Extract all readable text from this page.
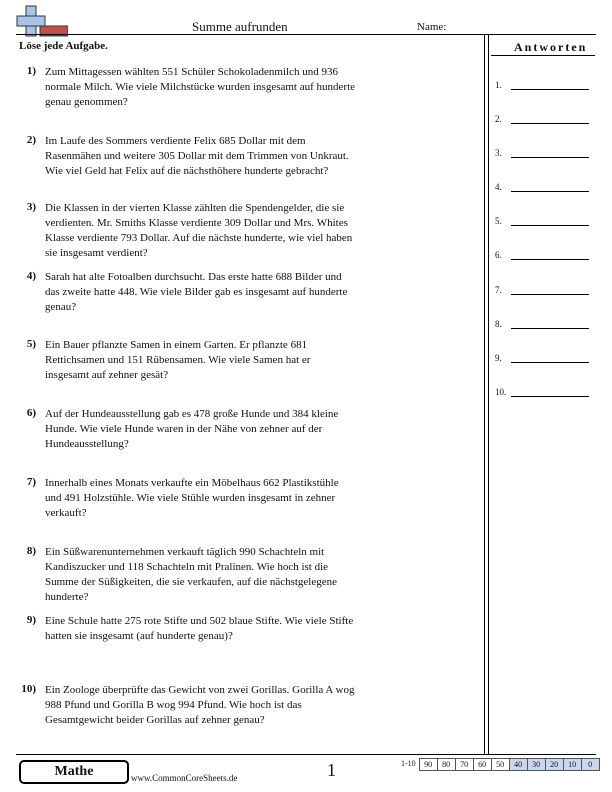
Summe aufrunden	Name:
Löse jede Aufgabe.	Antworten
1.
2.
3.
4.
5.
6.
7.
8.
9.
10.
1) Zum Mittagessen wählten 551 Schüler Schokoladenmilch und 936 normale Milch. Wie viele Milchstücke wurden insgesamt auf hunderte genau genommen?
2) Im Laufe des Sommers verdiente Felix 685 Dollar mit dem Rasenmähen und weitere 305 Dollar mit dem Trimmen von Unkraut. Wie viel Geld hat Felix auf die nächsthöhere hunderte gebracht?
3) Die Klassen in der vierten Klasse zählten die Spendengelder, die sie verdienten. Mr. Smiths Klasse verdiente 309 Dollar und Mrs. Whites Klasse verdiente 793 Dollar. Auf die nächste hunderte, wie viel haben sie insgesamt verdient?
4) Sarah hat alte Fotoalben durchsucht. Das erste hatte 688 Bilder und das zweite hatte 448. Wie viele Bilder gab es insgesamt auf hunderte genau?
5) Ein Bauer pflanzte Samen in einem Garten. Er pflanzte 681 Rettichsamen und 151 Rübensamen. Wie viele Samen hat er insgesamt auf zehner gesät?
6) Auf der Hundeausstellung gab es 478 große Hunde und 384 kleine Hunde. Wie viele Hunde waren in der Nähe von zehner auf der Hundeausstellung?
7) Innerhalb eines Monats verkaufte ein Möbelhaus 662 Plastikstühle und 491 Holzstühle. Wie viele Stühle wurden insgesamt in zehner verkauft?
8) Ein Süßwarenunternehmen verkauft täglich 990 Schachteln mit Kandiszucker und 118 Schachteln mit Pralinen. Wie hoch ist die Summe der Süßigkeiten, die sie verkaufen, auf die nächstgelegene hunderte?
9) Eine Schule hatte 275 rote Stifte und 502 blaue Stifte. Wie viele Stifte hatten sie insgesamt (auf hunderte genau)?
10) Ein Zoologe überprüfte das Gewicht von zwei Gorillas. Gorilla A wog 988 Pfund und Gorilla B wog 994 Pfund. Wie hoch ist das Gesamtgewicht beider Gorillas auf zehner genau?
Mathe	www.CommonCoreSheets.de	1	1-10	90	80	70	60	50	40	30	20	10	0
